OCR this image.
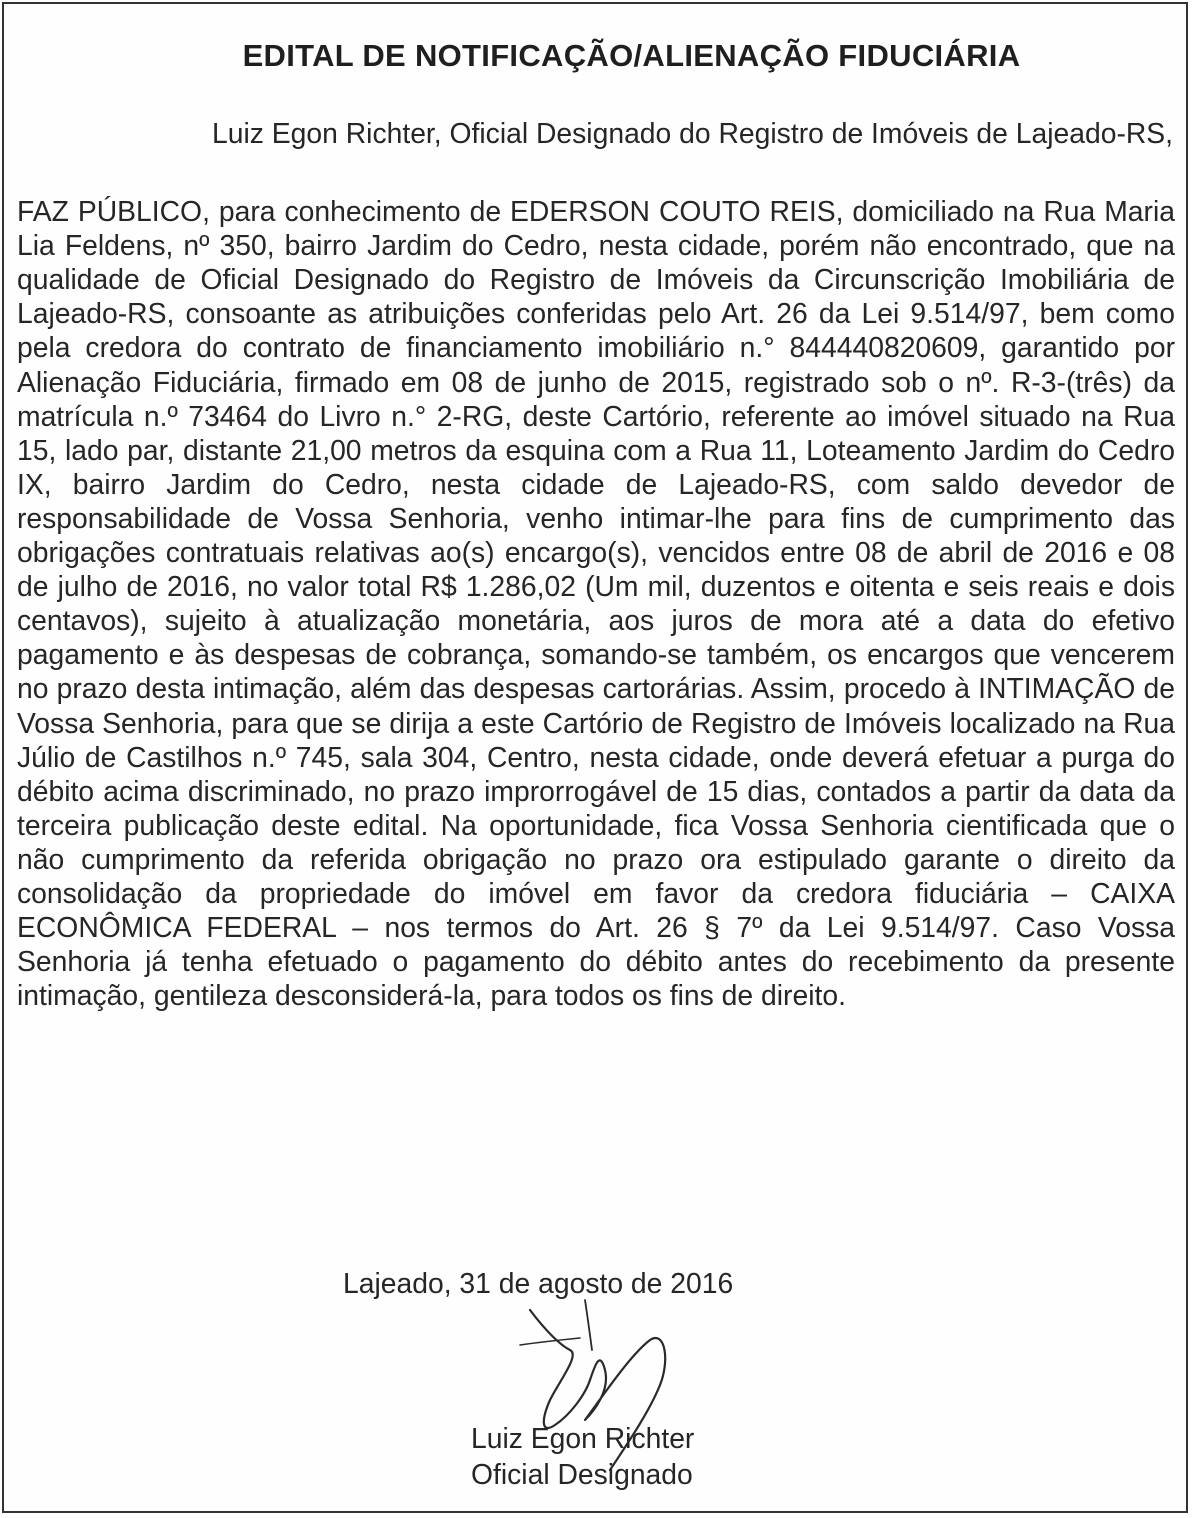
EDITAL DE NOTIFICAÇÃO/ALIENAÇÃO FIDUCIÁRIA

Luiz Egon Richter, Oficial Designado do Registro de Imóveis de Lajeado-RS,

FAZ PÚBLICO, para conhecimento de EDERSON COUTO REIS, domiciliado na Rua Maria Lia Feldens, nº 350, bairro Jardim do Cedro, nesta cidade, porém não encontrado, que na qualidade de Oficial Designado do Registro de Imóveis da Circunscrição Imobiliária de Lajeado-RS, consoante as atribuições conferidas pelo Art. 26 da Lei 9.514/97, bem como pela credora do contrato de financiamento imobiliário n.° 844440820609, garantido por Alienação Fiduciária, firmado em 08 de junho de 2015, registrado sob o nº. R-3-(três) da matrícula n.º 73464 do Livro n.° 2-RG, deste Cartório, referente ao imóvel situado na Rua 15, lado par, distante 21,00 metros da esquina com a Rua 11, Loteamento Jardim do Cedro IX, bairro Jardim do Cedro, nesta cidade de Lajeado-RS, com saldo devedor de responsabilidade de Vossa Senhoria, venho intimar-lhe para fins de cumprimento das obrigações contratuais relativas ao(s) encargo(s), vencidos entre 08 de abril de 2016 e 08 de julho de 2016, no valor total R$ 1.286,02 (Um mil, duzentos e oitenta e seis reais e dois centavos), sujeito à atualização monetária, aos juros de mora até a data do efetivo pagamento e às despesas de cobrança, somando-se também, os encargos que vencerem no prazo desta intimação, além das despesas cartorárias. Assim, procedo à INTIMAÇÃO de Vossa Senhoria, para que se dirija a este Cartório de Registro de Imóveis localizado na Rua Júlio de Castilhos n.º 745, sala 304, Centro, nesta cidade, onde deverá efetuar a purga do débito acima discriminado, no prazo improrrogável de 15 dias, contados a partir da data da terceira publicação deste edital. Na oportunidade, fica Vossa Senhoria cientificada que o não cumprimento da referida obrigação no prazo ora estipulado garante o direito da consolidação da propriedade do imóvel em favor da credora fiduciária – CAIXA ECONÔMICA FEDERAL – nos termos do Art. 26 § 7º da Lei 9.514/97. Caso Vossa Senhoria já tenha efetuado o pagamento do débito antes do recebimento da presente intimação, gentileza desconsiderá-la, para todos os fins de direito.

Lajeado, 31 de agosto de 2016
Luiz Egon Richter
Oficial Designado
